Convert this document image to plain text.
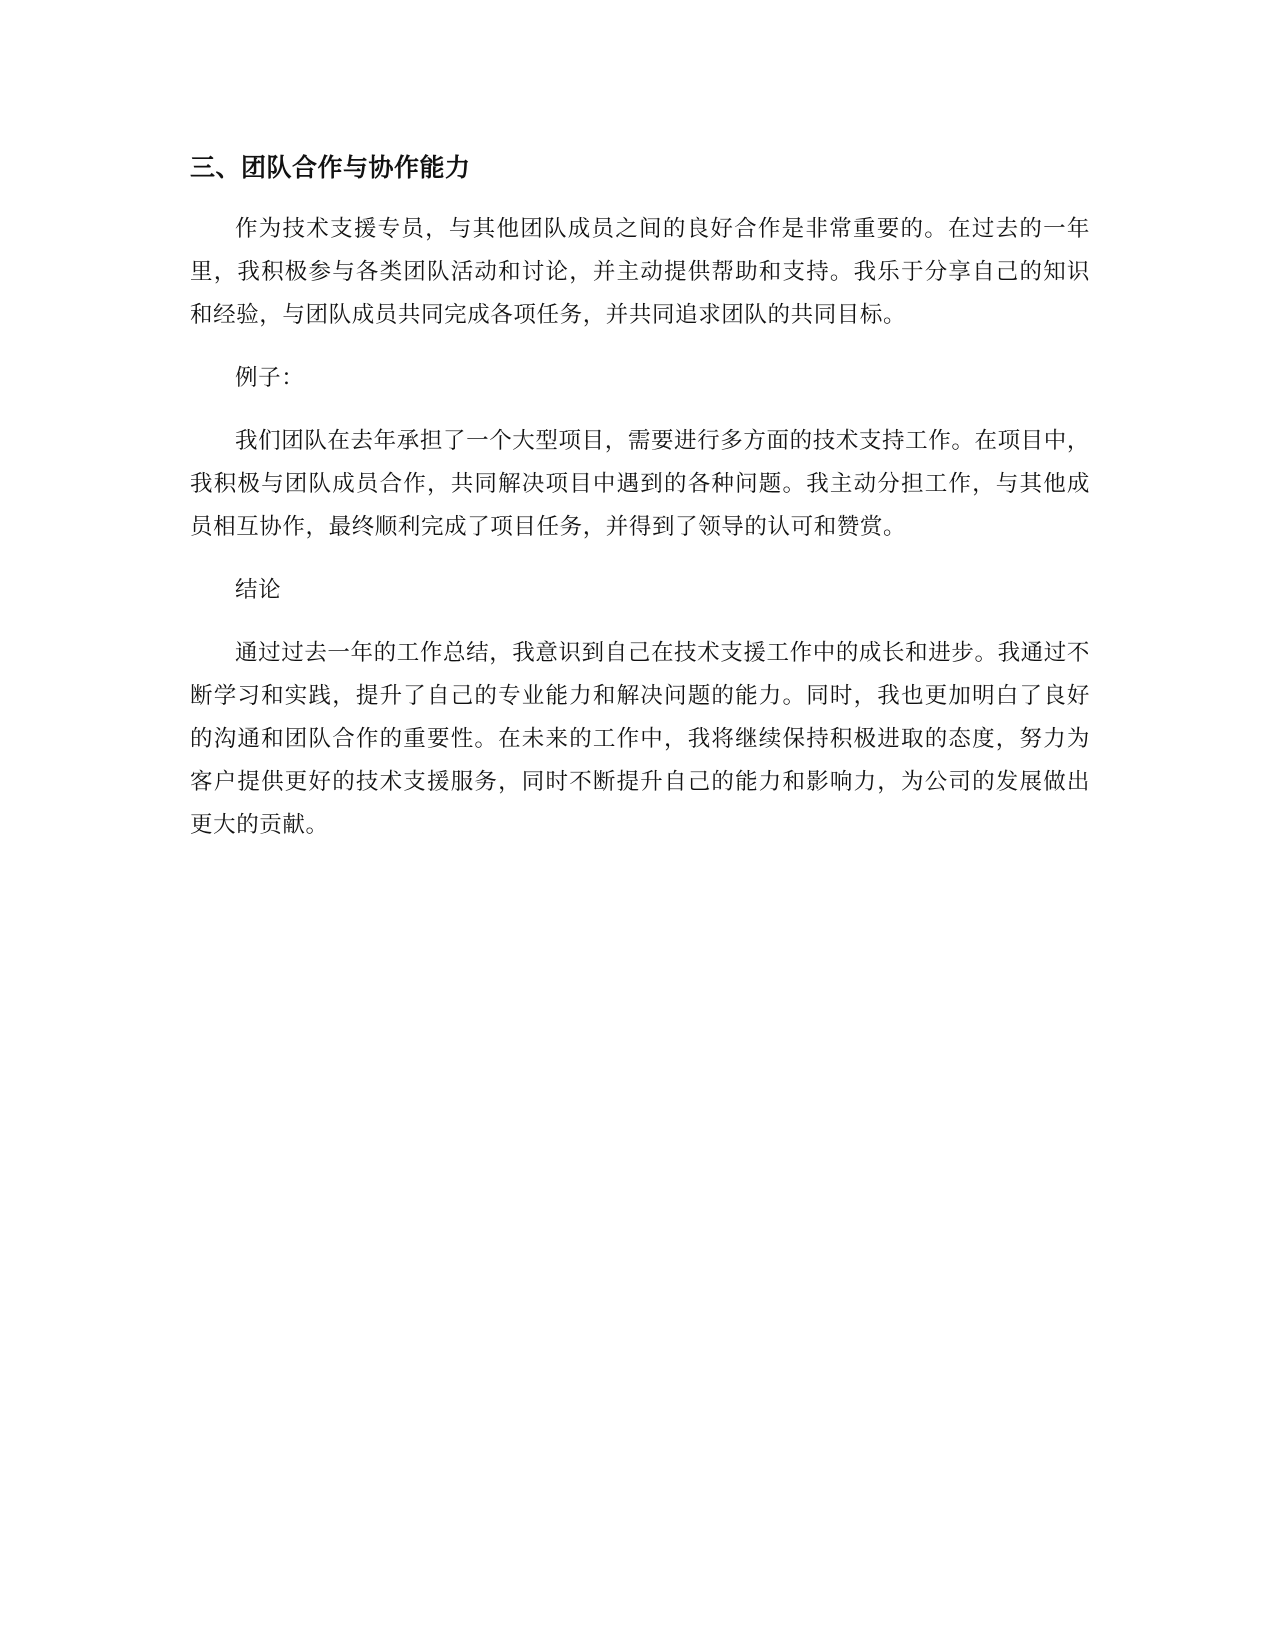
三、团队合作与协作能力

作为技术支援专员，与其他团队成员之间的良好合作是非常重要的。在过去的一年里，我积极参与各类团队活动和讨论，并主动提供帮助和支持。我乐于分享自己的知识和经验，与团队成员共同完成各项任务，并共同追求团队的共同目标。

例子：

我们团队在去年承担了一个大型项目，需要进行多方面的技术支持工作。在项目中，我积极与团队成员合作，共同解决项目中遇到的各种问题。我主动分担工作，与其他成员相互协作，最终顺利完成了项目任务，并得到了领导的认可和赞赏。

结论

通过过去一年的工作总结，我意识到自己在技术支援工作中的成长和进步。我通过不断学习和实践，提升了自己的专业能力和解决问题的能力。同时，我也更加明白了良好的沟通和团队合作的重要性。在未来的工作中，我将继续保持积极进取的态度，努力为客户提供更好的技术支援服务，同时不断提升自己的能力和影响力，为公司的发展做出更大的贡献。
